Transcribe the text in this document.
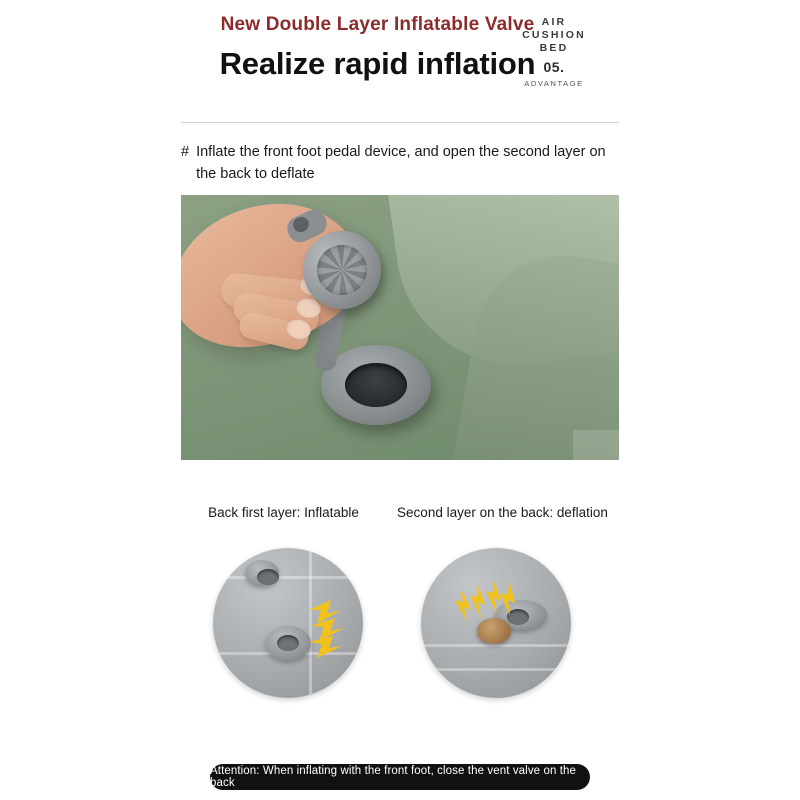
New Double Layer Inflatable Valve
Realize rapid inflation
AIR
CUSHION
BED
05.
ADVANTAGE
# Inflate the front foot pedal device, and open the second layer on the back to deflate
Back first layer: Inflatable	Second layer on the back: deflation
Attention: When inflating with the front foot, close the vent valve on the back
